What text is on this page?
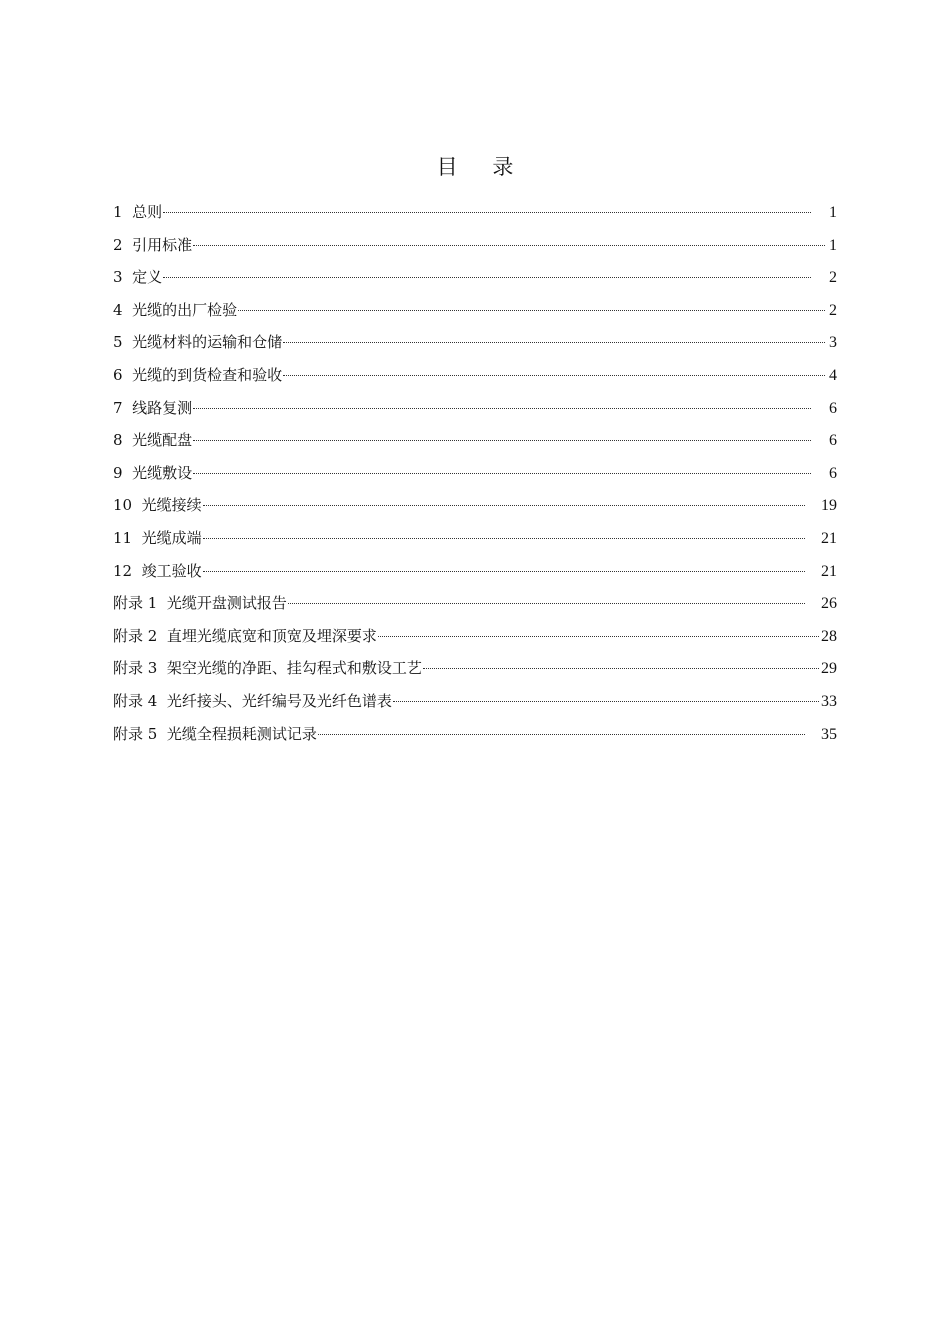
目 录
1 总则	1
2 引用标准	1
3 定义	2
4 光缆的出厂检验	2
5 光缆材料的运输和仓储	3
6 光缆的到货检查和验收	4
7 线路复测	6
8 光缆配盘	6
9 光缆敷设	6
10 光缆接续	19
11 光缆成端	21
12 竣工验收	21
附录 1 光缆开盘测试报告	26
附录 2 直埋光缆底宽和顶宽及埋深要求	28
附录 3 架空光缆的净距、挂勾程式和敷设工艺	29
附录 4 光纤接头、光纤编号及光纤色谱表	33
附录 5 光缆全程损耗测试记录	35
